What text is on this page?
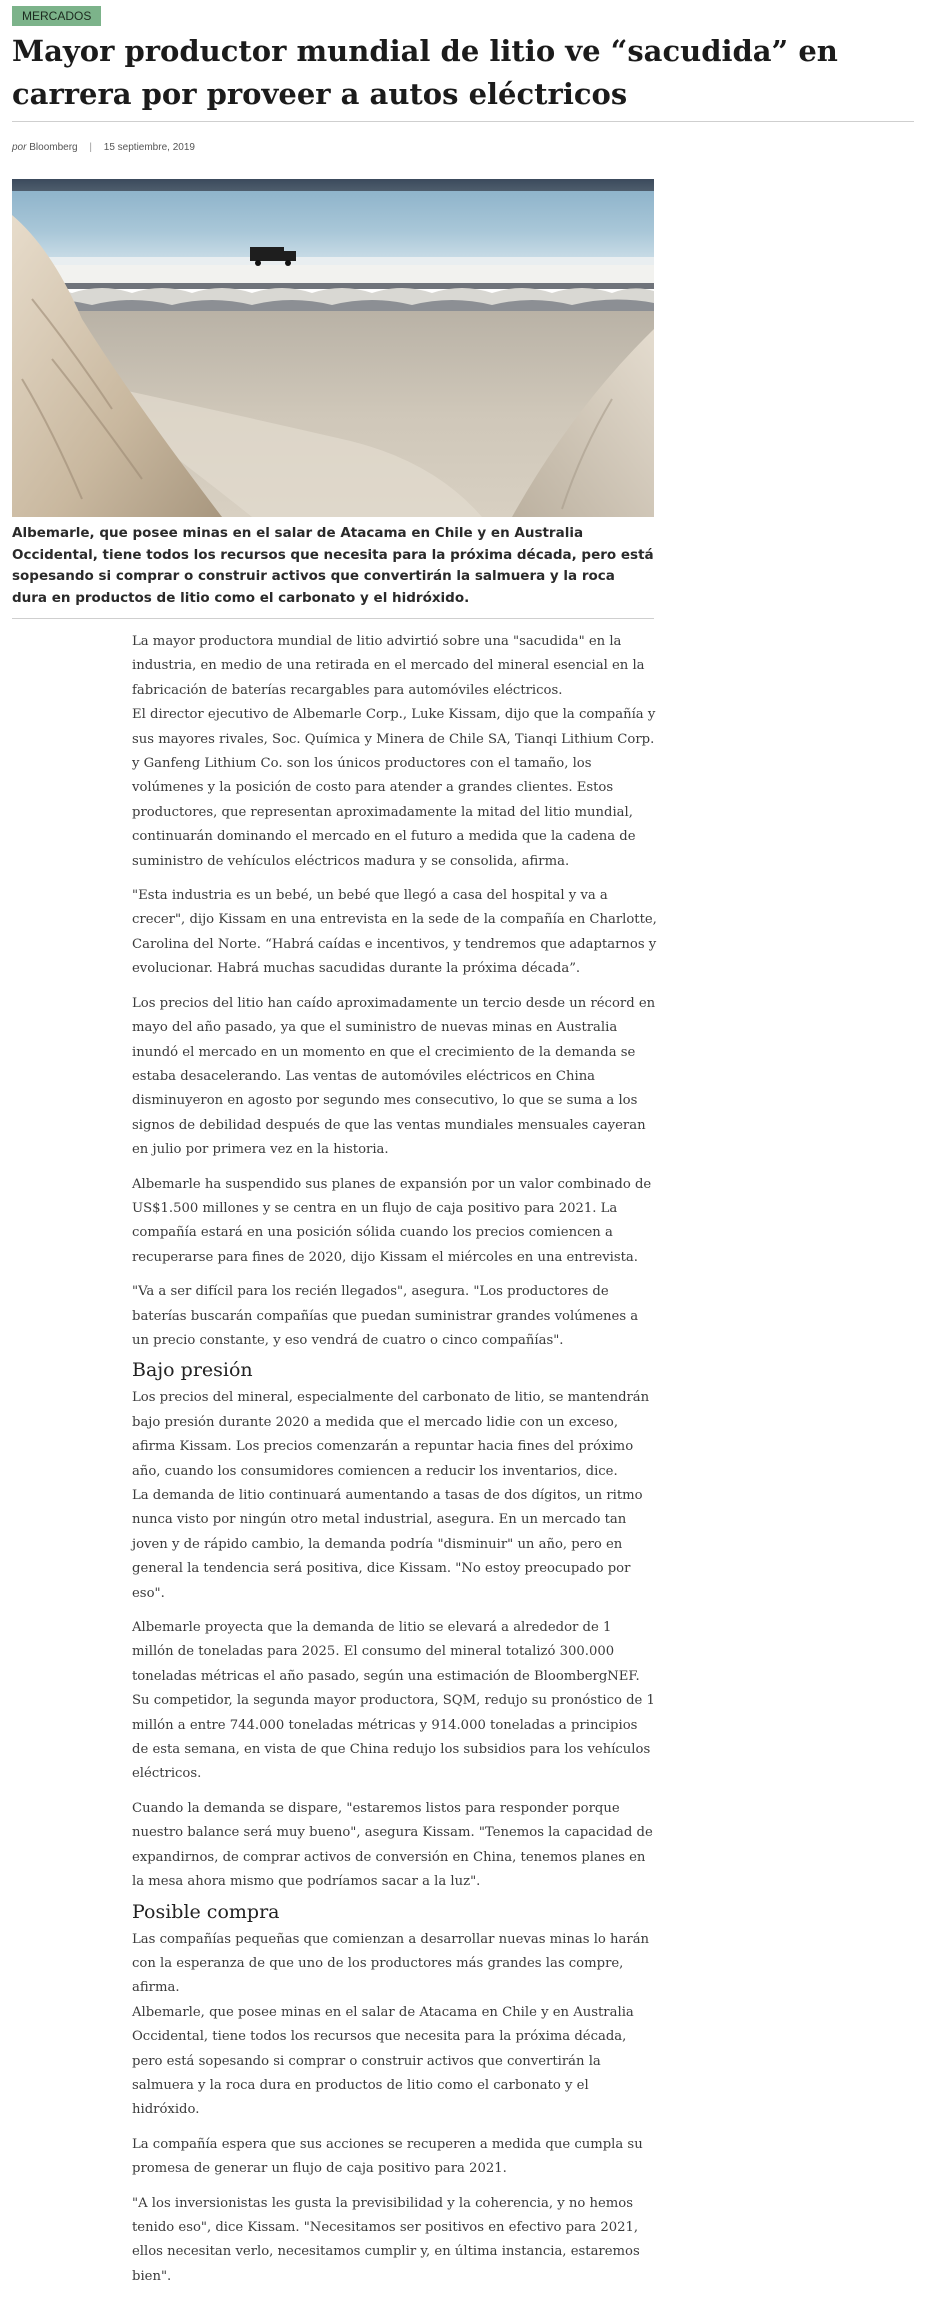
MERCADOS
Mayor productor mundial de litio ve “sacudida” en carrera por proveer a autos eléctricos
por Bloomberg | 15 septiembre, 2019

Albemarle, que posee minas en el salar de Atacama en Chile y en Australia Occidental, tiene todos los recursos que necesita para la próxima década, pero está sopesando si comprar o construir activos que convertirán la salmuera y la roca dura en productos de litio como el carbonato y el hidróxido.

La mayor productora mundial de litio advirtió sobre una "sacudida" en la industria, en medio de una retirada en el mercado del mineral esencial en la fabricación de baterías recargables para automóviles eléctricos.

El director ejecutivo de Albemarle Corp., Luke Kissam, dijo que la compañía y sus mayores rivales, Soc. Química y Minera de Chile SA, Tianqi Lithium Corp. y Ganfeng Lithium Co. son los únicos productores con el tamaño, los volúmenes y la posición de costo para atender a grandes clientes. Estos productores, que representan aproximadamente la mitad del litio mundial, continuarán dominando el mercado en el futuro a medida que la cadena de suministro de vehículos eléctricos madura y se consolida, afirma.

"Esta industria es un bebé, un bebé que llegó a casa del hospital y va a crecer", dijo Kissam en una entrevista en la sede de la compañía en Charlotte, Carolina del Norte. “Habrá caídas e incentivos, y tendremos que adaptarnos y evolucionar. Habrá muchas sacudidas durante la próxima década”.

Los precios del litio han caído aproximadamente un tercio desde un récord en mayo del año pasado, ya que el suministro de nuevas minas en Australia inundó el mercado en un momento en que el crecimiento de la demanda se estaba desacelerando. Las ventas de automóviles eléctricos en China disminuyeron en agosto por segundo mes consecutivo, lo que se suma a los signos de debilidad después de que las ventas mundiales mensuales cayeran en julio por primera vez en la historia.

Albemarle ha suspendido sus planes de expansión por un valor combinado de US$1.500 millones y se centra en un flujo de caja positivo para 2021. La compañía estará en una posición sólida cuando los precios comiencen a recuperarse para fines de 2020, dijo Kissam el miércoles en una entrevista.

"Va a ser difícil para los recién llegados", asegura. "Los productores de baterías buscarán compañías que puedan suministrar grandes volúmenes a un precio constante, y eso vendrá de cuatro o cinco compañías".

Bajo presión

Los precios del mineral, especialmente del carbonato de litio, se mantendrán bajo presión durante 2020 a medida que el mercado lidie con un exceso, afirma Kissam. Los precios comenzarán a repuntar hacia fines del próximo año, cuando los consumidores comiencen a reducir los inventarios, dice.

La demanda de litio continuará aumentando a tasas de dos dígitos, un ritmo nunca visto por ningún otro metal industrial, asegura. En un mercado tan joven y de rápido cambio, la demanda podría "disminuir" un año, pero en general la tendencia será positiva, dice Kissam. "No estoy preocupado por eso".

Albemarle proyecta que la demanda de litio se elevará a alrededor de 1 millón de toneladas para 2025. El consumo del mineral totalizó 300.000 toneladas métricas el año pasado, según una estimación de BloombergNEF. Su competidor, la segunda mayor productora, SQM, redujo su pronóstico de 1 millón a entre 744.000 toneladas métricas y 914.000 toneladas a principios de esta semana, en vista de que China redujo los subsidios para los vehículos eléctricos.

Cuando la demanda se dispare, "estaremos listos para responder porque nuestro balance será muy bueno", asegura Kissam. "Tenemos la capacidad de expandirnos, de comprar activos de conversión en China, tenemos planes en la mesa ahora mismo que podríamos sacar a la luz".

Posible compra

Las compañías pequeñas que comienzan a desarrollar nuevas minas lo harán con la esperanza de que uno de los productores más grandes las compre, afirma.

Albemarle, que posee minas en el salar de Atacama en Chile y en Australia Occidental, tiene todos los recursos que necesita para la próxima década, pero está sopesando si comprar o construir activos que convertirán la salmuera y la roca dura en productos de litio como el carbonato y el hidróxido.

La compañía espera que sus acciones se recuperen a medida que cumpla su promesa de generar un flujo de caja positivo para 2021.

"A los inversionistas les gusta la previsibilidad y la coherencia, y no hemos tenido eso", dice Kissam. "Necesitamos ser positivos en efectivo para 2021, ellos necesitan verlo, necesitamos cumplir y, en última instancia, estaremos bien".
